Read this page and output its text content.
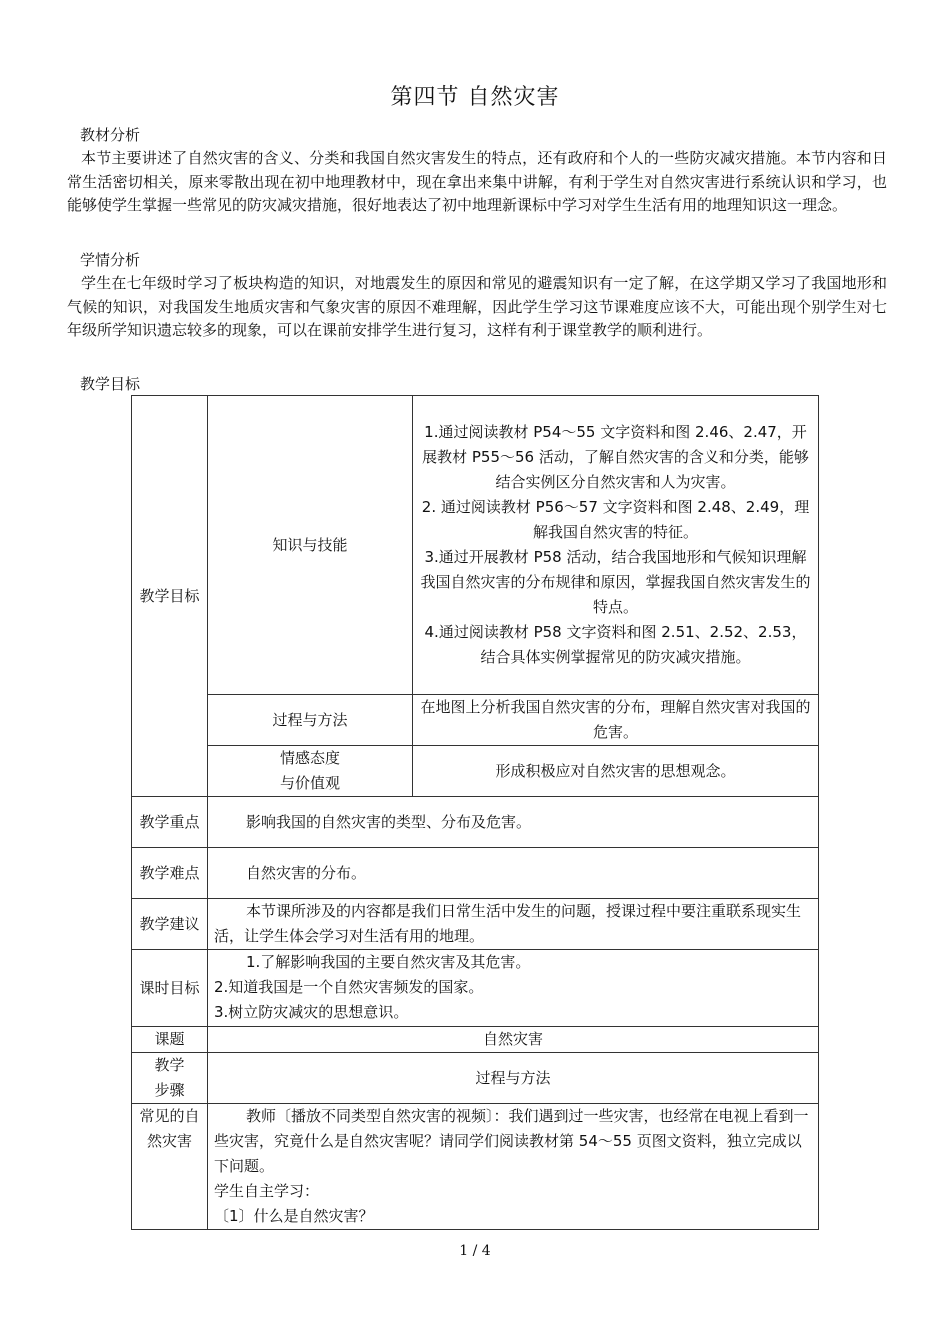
第四节 自然灾害
教材分析

本节主要讲述了自然灾害的含义、分类和我国自然灾害发生的特点，还有政府和个人的一些防灾减灾措施。本节内容和日常生活密切相关，原来零散出现在初中地理教材中，现在拿出来集中讲解，有利于学生对自然灾害进行系统认识和学习，也能够使学生掌握一些常见的防灾减灾措施，很好地表达了初中地理新课标中学习对学生生活有用的地理知识这一理念。

学情分析

学生在七年级时学习了板块构造的知识，对地震发生的原因和常见的避震知识有一定了解，在这学期又学习了我国地形和气候的知识，对我国发生地质灾害和气象灾害的原因不难理解，因此学生学习这节课难度应该不大，可能出现个别学生对七年级所学知识遗忘较多的现象，可以在课前安排学生进行复习，这样有利于课堂教学的顺利进行。

教学目标
教学目标	知识与技能	1.通过阅读教材 P54～55 文字资料和图 2.46、2.47，开展教材 P55～56 活动，了解自然灾害的含义和分类，能够结合实例区分自然灾害和人为灾害。
2. 通过阅读教材 P56～57 文字资料和图 2.48、2.49，理解我国自然灾害的特征。
3.通过开展教材 P58 活动，结合我国地形和气候知识理解我国自然灾害的分布规律和原因，掌握我国自然灾害发生的特点。
4.通过阅读教材 P58 文字资料和图 2.51、2.52、2.53，结合具体实例掌握常见的防灾减灾措施。

	过程与方法	在地图上分析我国自然灾害的分布，理解自然灾害对我国的危害。

	情感态度
与价值观	形成积极应对自然灾害的思想观念。
教学重点	影响我国的自然灾害的类型、分布及危害。	
教学难点	自然灾害的分布。	
教学建议	本节课所涉及的内容都是我们日常生活中发生的问题，授课过程中要注重联系现实生活，让学生体会学习对生活有用的地理。	

课时目标	1.了解影响我国的主要自然灾害及其危害。
2.知道我国是一个自然灾害频发的国家。
3.树立防灾减灾的思想意识。	

课题	自然灾害	

教学
步骤	过程与方法	
常见的自然灾害	教师〔播放不同类型自然灾害的视频〕：我们遇到过一些灾害，也经常在电视上看到一些灾害，究竟什么是自然灾害呢？请同学们阅读教材第 54～55 页图文资料，独立完成以下问题。
学生自主学习：
〔1〕什么是自然灾害？	
1 / 4
